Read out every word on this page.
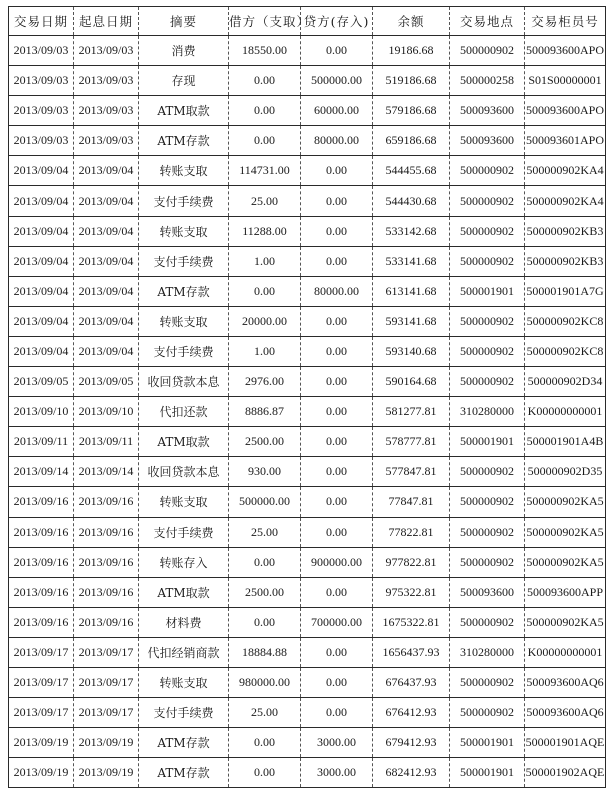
交易日期	起息日期	摘要	借方（支取）	贷方(存入)	余额	交易地点	交易柜员号
2013/09/03	2013/09/03	消费	18550.00	0.00	19186.68	500000902	500093600APO
2013/09/03	2013/09/03	存现	0.00	500000.00	519186.68	500000258	S01S00000001
2013/09/03	2013/09/03	ATM取款	0.00	60000.00	579186.68	500093600	500093600APO
2013/09/03	2013/09/03	ATM存款	0.00	80000.00	659186.68	500093600	500093601APO
2013/09/04	2013/09/04	转账支取	114731.00	0.00	544455.68	500000902	500000902KA4
2013/09/04	2013/09/04	支付手续费	25.00	0.00	544430.68	500000902	500000902KA4
2013/09/04	2013/09/04	转账支取	11288.00	0.00	533142.68	500000902	500000902KB3
2013/09/04	2013/09/04	支付手续费	1.00	0.00	533141.68	500000902	500000902KB3
2013/09/04	2013/09/04	ATM存款	0.00	80000.00	613141.68	500001901	500001901A7G
2013/09/04	2013/09/04	转账支取	20000.00	0.00	593141.68	500000902	500000902KC8
2013/09/04	2013/09/04	支付手续费	1.00	0.00	593140.68	500000902	500000902KC8
2013/09/05	2013/09/05	收回贷款本息	2976.00	0.00	590164.68	500000902	500000902D34
2013/09/10	2013/09/10	代扣还款	8886.87	0.00	581277.81	310280000	K00000000001
2013/09/11	2013/09/11	ATM取款	2500.00	0.00	578777.81	500001901	500001901A4B
2013/09/14	2013/09/14	收回贷款本息	930.00	0.00	577847.81	500000902	500000902D35
2013/09/16	2013/09/16	转账支取	500000.00	0.00	77847.81	500000902	500000902KA5
2013/09/16	2013/09/16	支付手续费	25.00	0.00	77822.81	500000902	500000902KA5
2013/09/16	2013/09/16	转账存入	0.00	900000.00	977822.81	500000902	500000902KA5
2013/09/16	2013/09/16	ATM取款	2500.00	0.00	975322.81	500093600	500093600APP
2013/09/16	2013/09/16	材料费	0.00	700000.00	1675322.81	500000902	500000902KA5
2013/09/17	2013/09/17	代扣经销商款	18884.88	0.00	1656437.93	310280000	K00000000001
2013/09/17	2013/09/17	转账支取	980000.00	0.00	676437.93	500000902	500093600AQ6
2013/09/17	2013/09/17	支付手续费	25.00	0.00	676412.93	500000902	500093600AQ6
2013/09/19	2013/09/19	ATM存款	0.00	3000.00	679412.93	500001901	500001901AQE
2013/09/19	2013/09/19	ATM存款	0.00	3000.00	682412.93	500001901	500001902AQE
